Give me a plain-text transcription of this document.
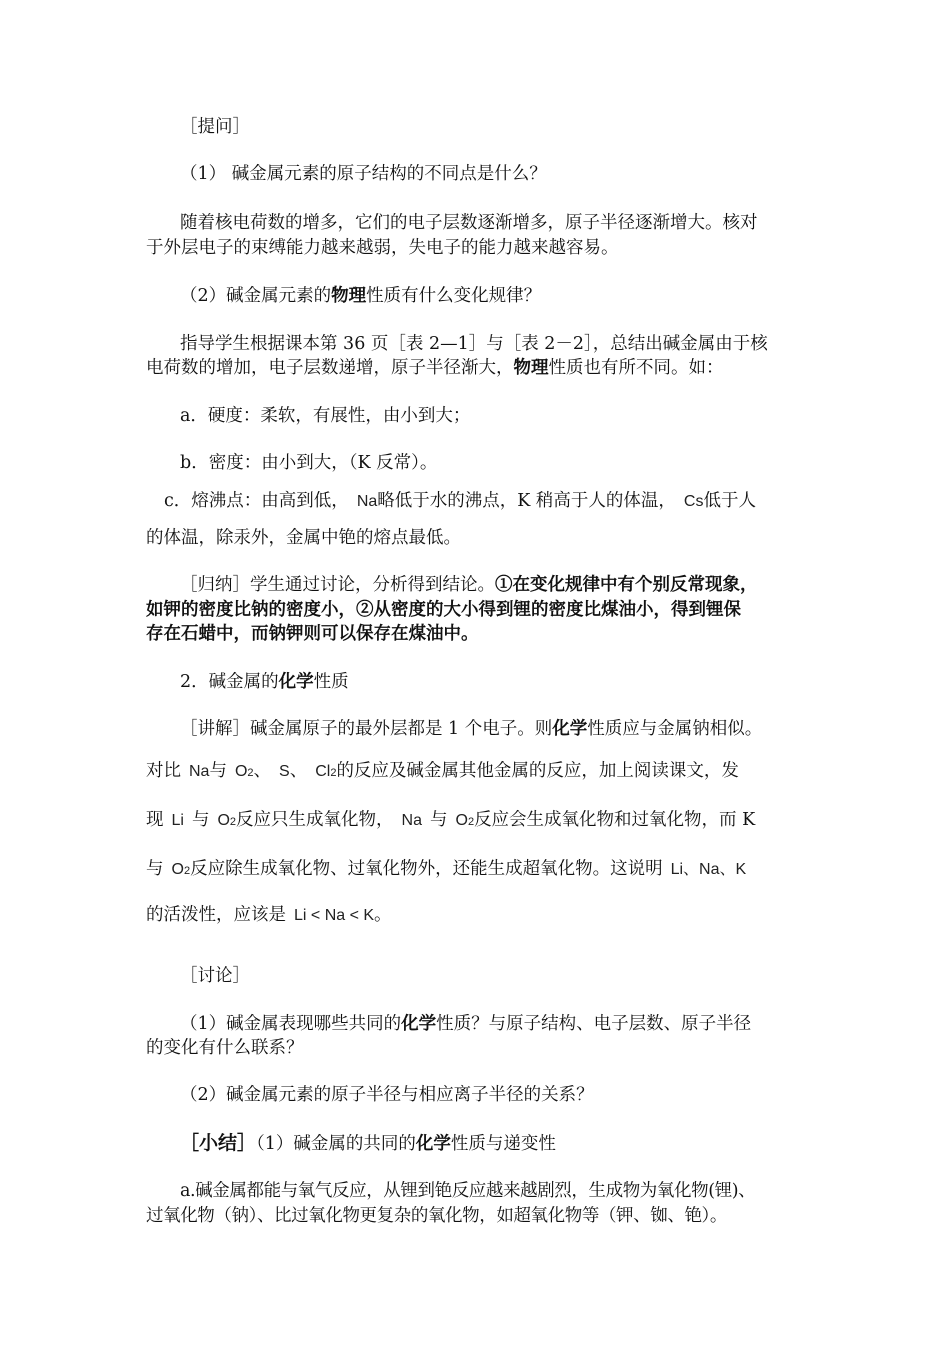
［提问］

（1） 碱金属元素的原子结构的不同点是什么？

随着核电荷数的增多，它们的电子层数逐渐增多，原子半径逐渐增大。核对

于外层电子的束缚能力越来越弱，失电子的能力越来越容易。

（2）碱金属元素的物理性质有什么变化规律？

指导学生根据课本第 36 页［表 2—1］与［表 2－2］，总结出碱金属由于核

电荷数的增加，电子层数递增，原子半径渐大，物理性质也有所不同。如：

a．硬度：柔软，有展性，由小到大；

b．密度：由小到大，（K 反常）。

c．熔沸点：由高到低， Na略低于水的沸点，K 稍高于人的体温， Cs低于人

的体温，除汞外，金属中铯的熔点最低。

［归纳］学生通过讨论，分析得到结论。①在变化规律中有个别反常现象，

如钾的密度比钠的密度小，②从密度的大小得到锂的密度比煤油小，得到锂保

存在石蜡中，而钠钾则可以保存在煤油中。

2．碱金属的化学性质

［讲解］碱金属原子的最外层都是 1 个电子。则化学性质应与金属钠相似。

对比 Na与 O2、 S、 Cl2的反应及碱金属其他金属的反应，加上阅读课文，发

现 Li 与 O2反应只生成氧化物， Na 与 O2反应会生成氧化物和过氧化物，而 K

与 O2反应除生成氧化物、过氧化物外，还能生成超氧化物。这说明 Li、Na、K

的活泼性，应该是 Li < Na < K。

［讨论］

（1）碱金属表现哪些共同的化学性质？与原子结构、电子层数、原子半径

的变化有什么联系？

（2）碱金属元素的原子半径与相应离子半径的关系？

［小结］（1）碱金属的共同的化学性质与递变性

a.碱金属都能与氧气反应，从锂到铯反应越来越剧烈，生成物为氧化物(锂)、

过氧化物（钠）、比过氧化物更复杂的氧化物，如超氧化物等（钾、铷、铯）。
